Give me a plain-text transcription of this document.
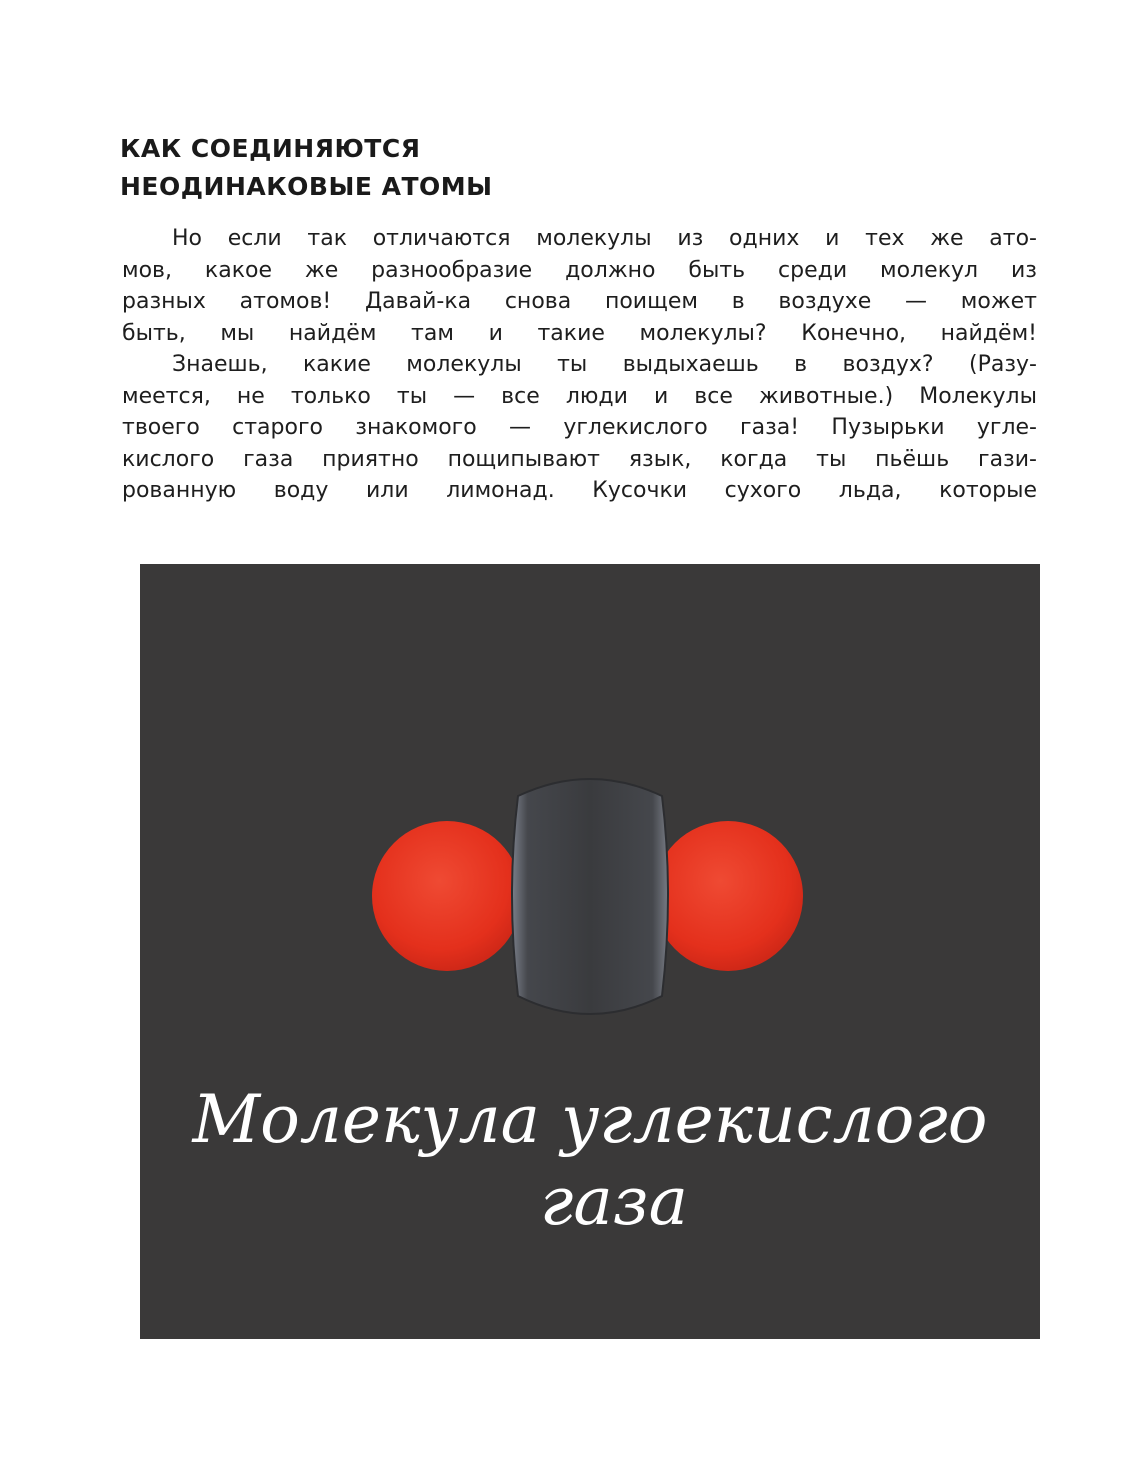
КАК СОЕДИНЯЮТСЯ
НЕОДИНАКОВЫЕ АТОМЫ
Но если так отличаются молекулы из одних и тех же ато-
мов, какое же разнообразие должно быть среди молекул из
разных атомов! Давай-ка снова поищем в воздухе — может
быть, мы найдём там и такие молекулы? Конечно, найдём!
Знаешь, какие молекулы ты выдыхаешь в воздух? (Разу-
меется, не только ты — все люди и все животные.) Молекулы
твоего старого знакомого — углекислого газа! Пузырьки угле-
кислого газа приятно пощипывают язык, когда ты пьёшь гази-
рованную воду или лимонад. Кусочки сухого льда, которые
Молекула углекислого
газа
